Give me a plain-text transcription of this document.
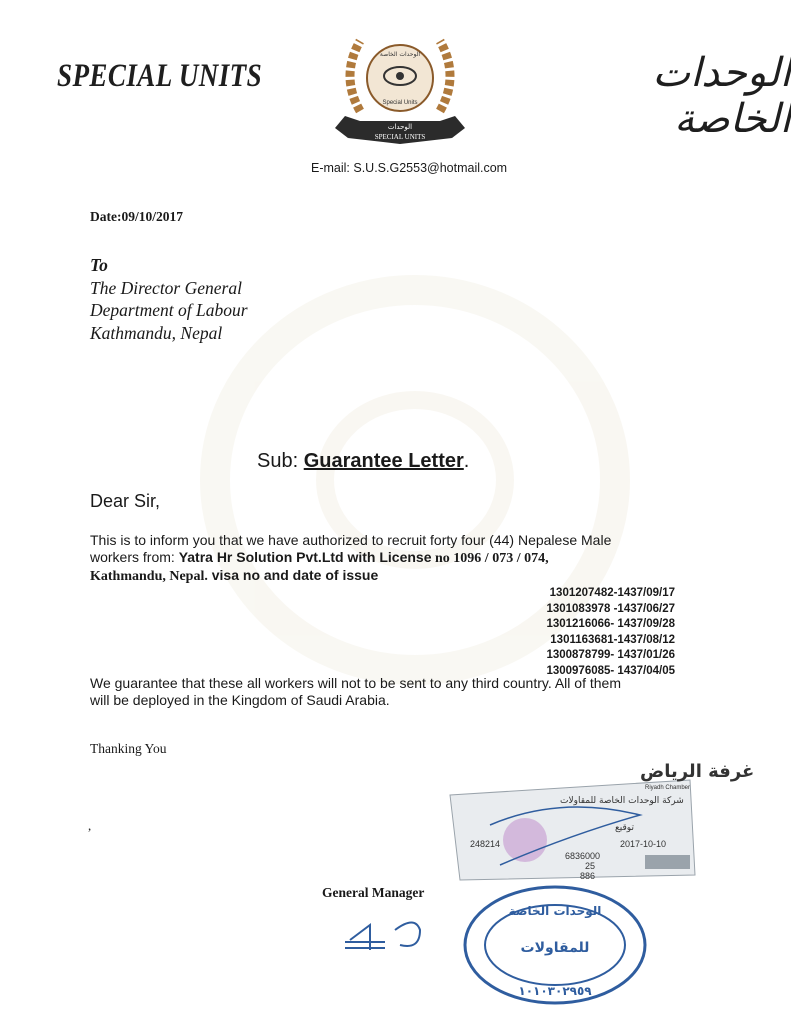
SPECIAL UNITS
SPECIAL UNITS
الوحدات
Special Units
الوحدات الخاصة	الوحدات الخاصة
E-mail: S.U.S.G2553@hotmail.com
Date:09/10/2017
To
The Director General
Department of Labour
Kathmandu, Nepal
Sub: Guarantee Letter.
Dear Sir,
This is to inform you that we have authorized to recruit forty four (44) Nepalese Male
workers from: Yatra Hr Solution Pvt.Ltd with License no 1096 / 073 / 074,
Kathmandu, Nepal. visa no and date of issue
1301207482-1437/09/17
1301083978 -1437/06/27
1301216066- 1437/09/28
1301163681-1437/08/12
1300878799- 1437/01/26
1300976085- 1437/04/05
We guarantee that these all workers will not to be sent to any third country. All of them
will be deployed in the Kingdom of Saudi Arabia.
Thanking You
,
غرفة الرياض
Riyadh Chamber
شركة الوحدات الخاصة للمقاولات
توقيع
2017-10-10
248214
6836000
25
886
General Manager
الوحدات الخاصة
للمقاولات
١٠١٠٣٠٢٩٥٩
